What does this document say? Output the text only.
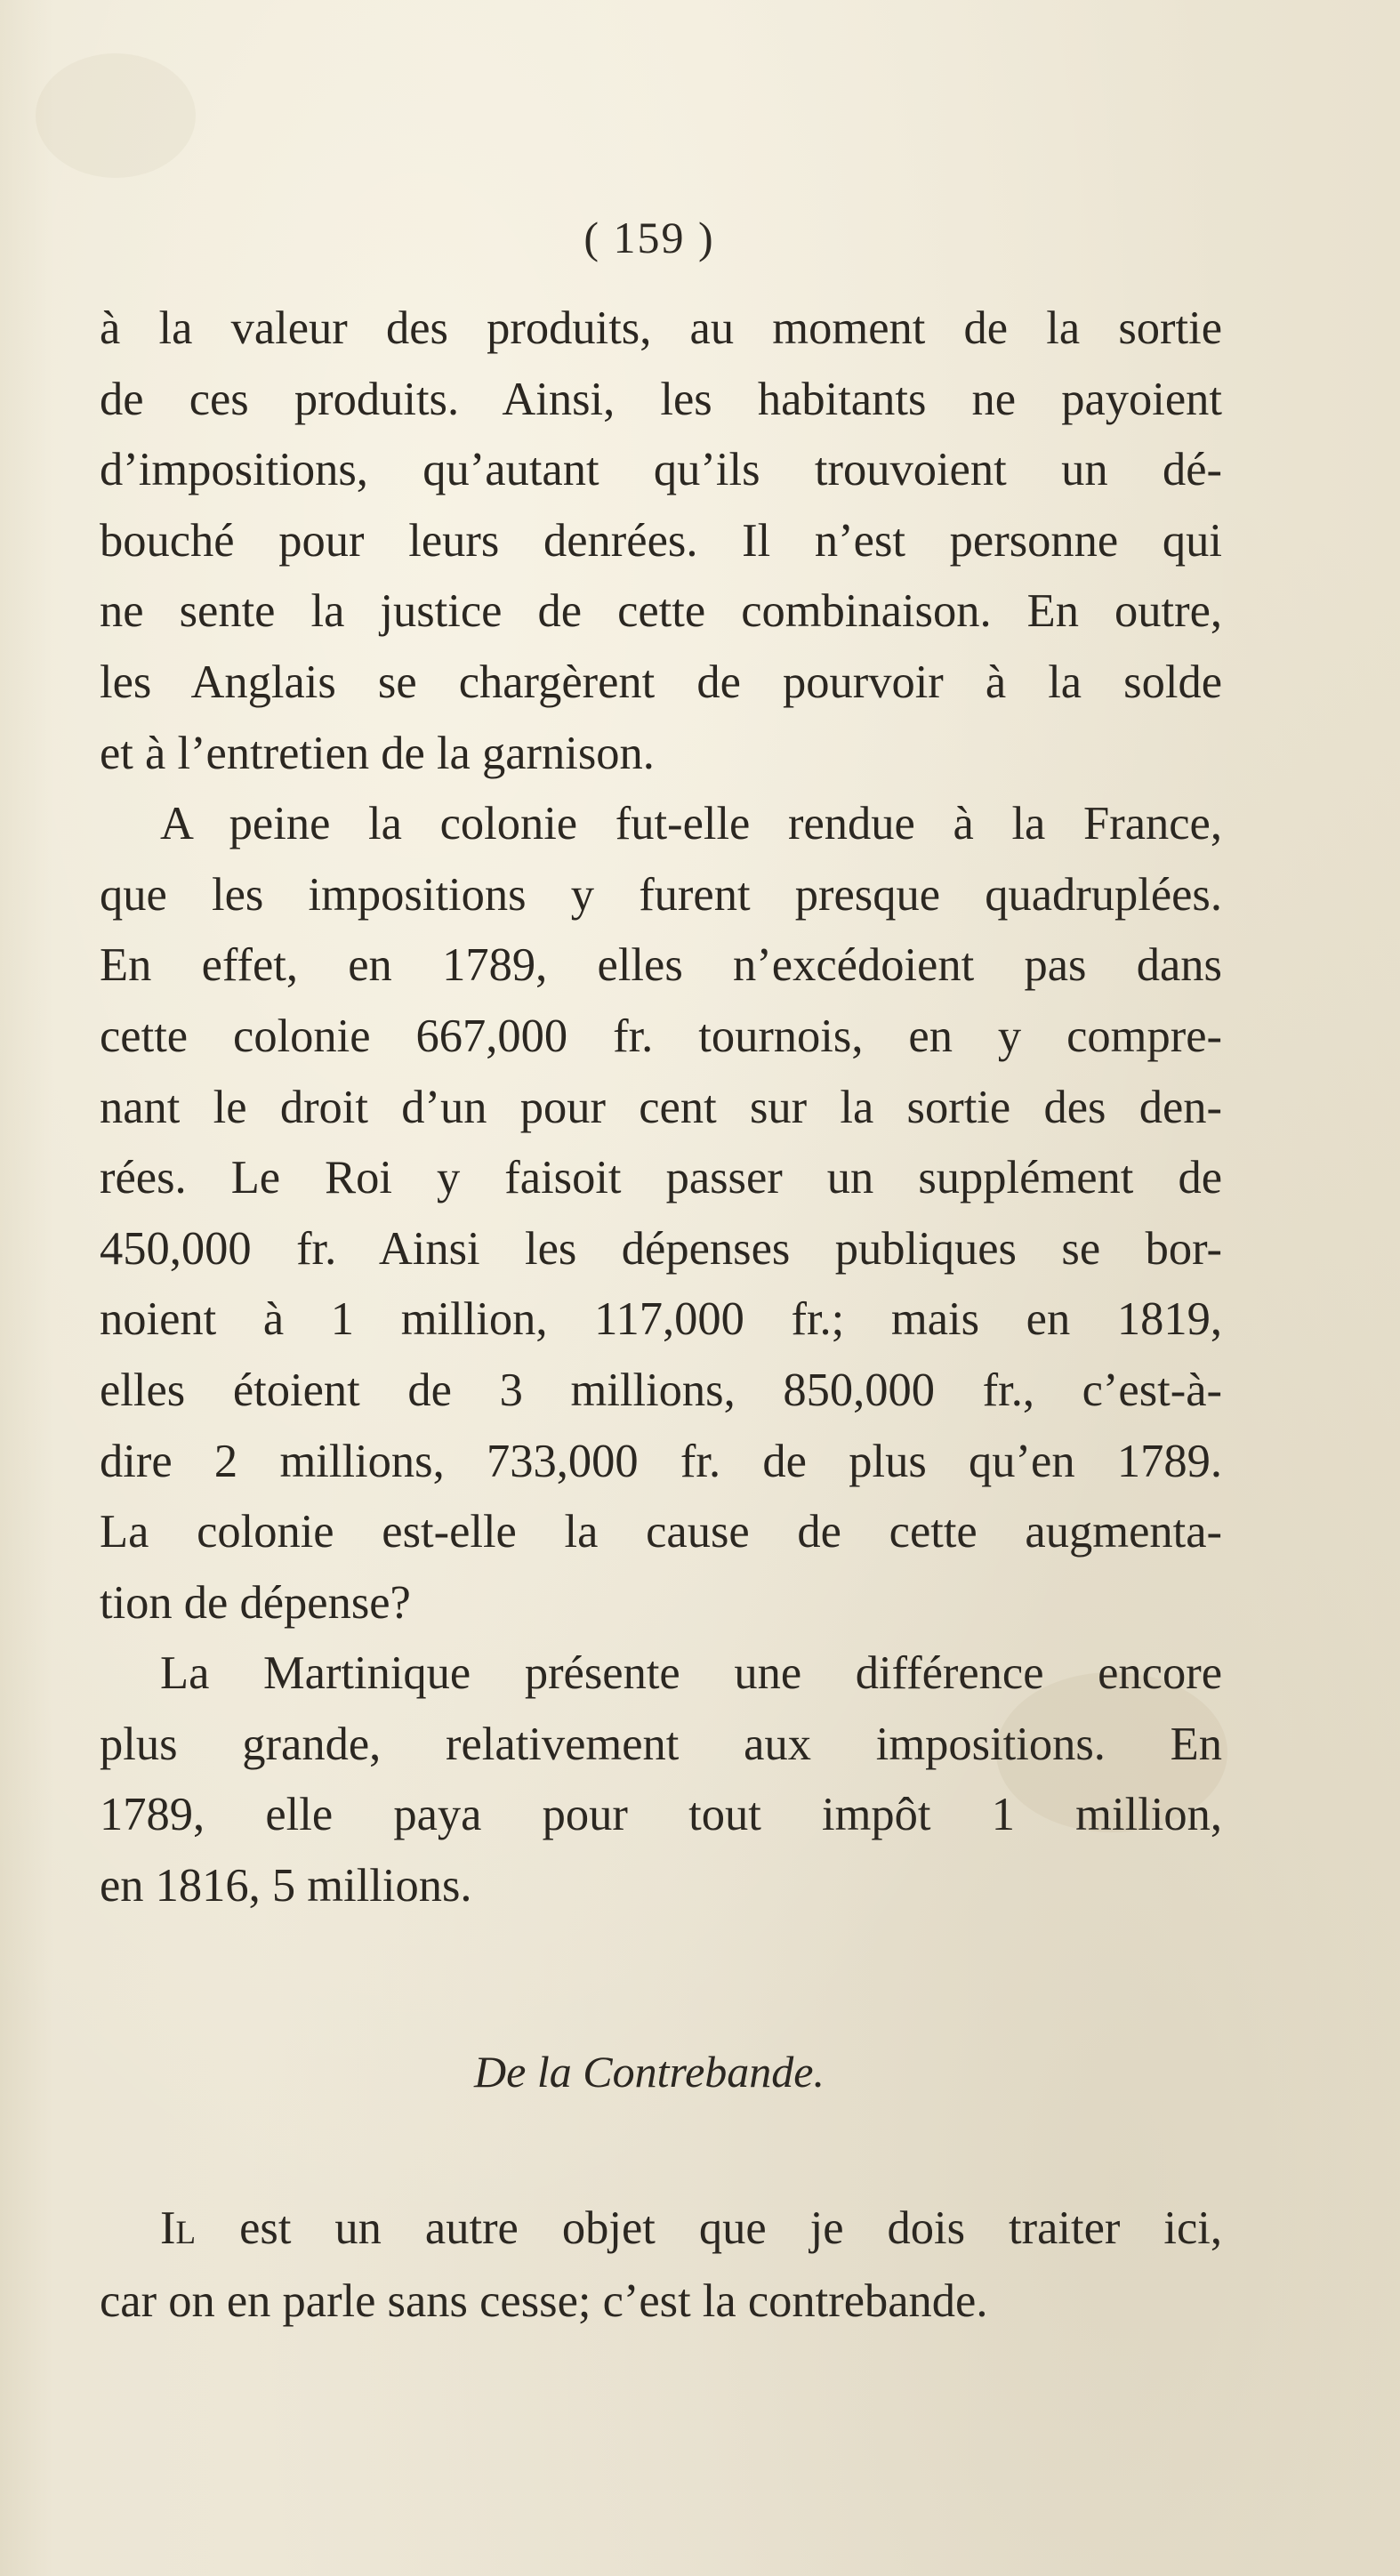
( 159 )
à la valeur des produits, au moment de la sortie
de ces produits. Ainsi, les habitants ne payoient
d’impositions, qu’autant qu’ils trouvoient un dé-
bouché pour leurs denrées. Il n’est personne qui
ne sente la justice de cette combinaison. En outre,
les Anglais se chargèrent de pourvoir à la solde
et à l’entretien de la garnison.
A peine la colonie fut-elle rendue à la France,
que les impositions y furent presque quadruplées.
En effet, en 1789, elles n’excédoient pas dans
cette colonie 667,000 fr. tournois, en y compre-
nant le droit d’un pour cent sur la sortie des den-
rées. Le Roi y faisoit passer un supplément de
450,000 fr. Ainsi les dépenses publiques se bor-
noient à 1 million, 117,000 fr.; mais en 1819,
elles étoient de 3 millions, 850,000 fr., c’est-à-
dire 2 millions, 733,000 fr. de plus qu’en 1789.
La colonie est-elle la cause de cette augmenta-
tion de dépense?
La Martinique présente une différence encore
plus grande, relativement aux impositions. En
1789, elle paya pour tout impôt 1 million,
en 1816, 5 millions.
De la Contrebande.
Il est un autre objet que je dois traiter ici,
car on en parle sans cesse; c’est la contrebande.
